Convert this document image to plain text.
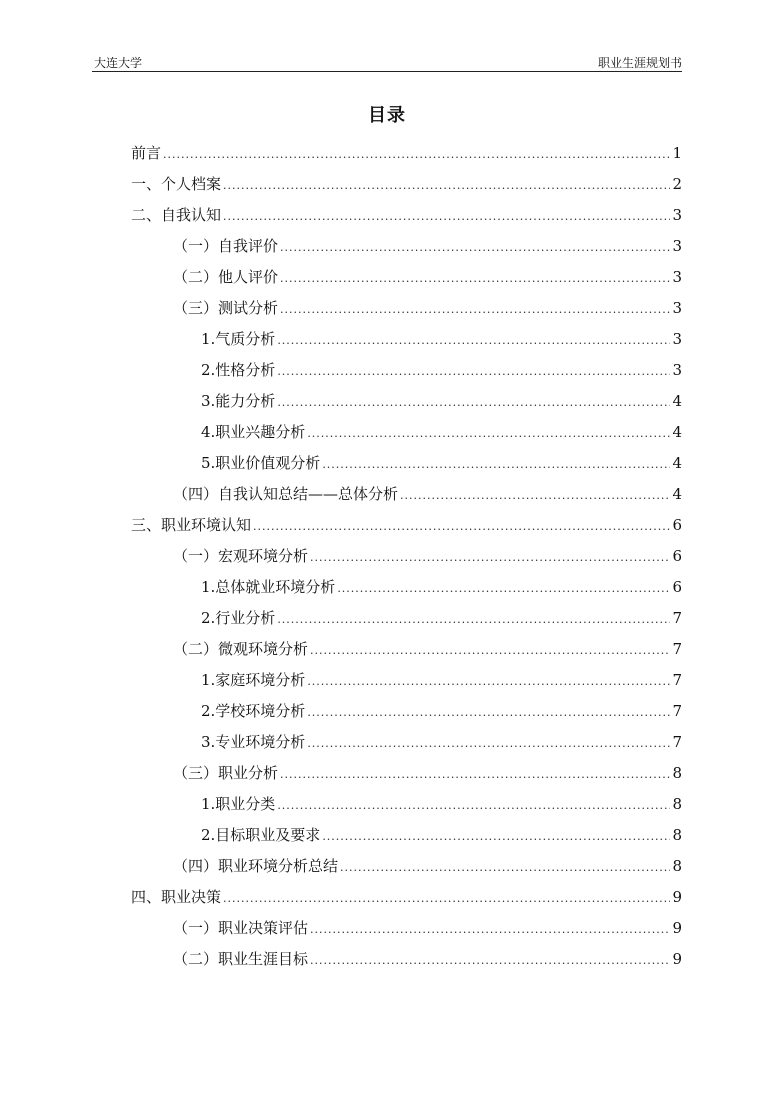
大连大学	职业生涯规划书
目录
前言 .....	1
一、个人档案 .....	2
二、自我认知 .....	3
（一）自我评价 .....	3
（二）他人评价 .....	3
（三）测试分析 .....	3
1.气质分析 .....	3
2.性格分析 .....	3
3.能力分析 .....	4
4.职业兴趣分析 .....	4
5.职业价值观分析 .....	4
（四）自我认知总结——总体分析 .....	4
三、职业环境认知 .....	6
（一）宏观环境分析 .....	6
1.总体就业环境分析 .....	6
2.行业分析 .....	7
（二）微观环境分析 .....	7
1.家庭环境分析 .....	7
2.学校环境分析 .....	7
3.专业环境分析 .....	7
（三）职业分析 .....	8
1.职业分类 .....	8
2.目标职业及要求 .....	8
（四）职业环境分析总结 .....	8
四、职业决策 .....	9
（一）职业决策评估 .....	9
（二）职业生涯目标 .....	9
